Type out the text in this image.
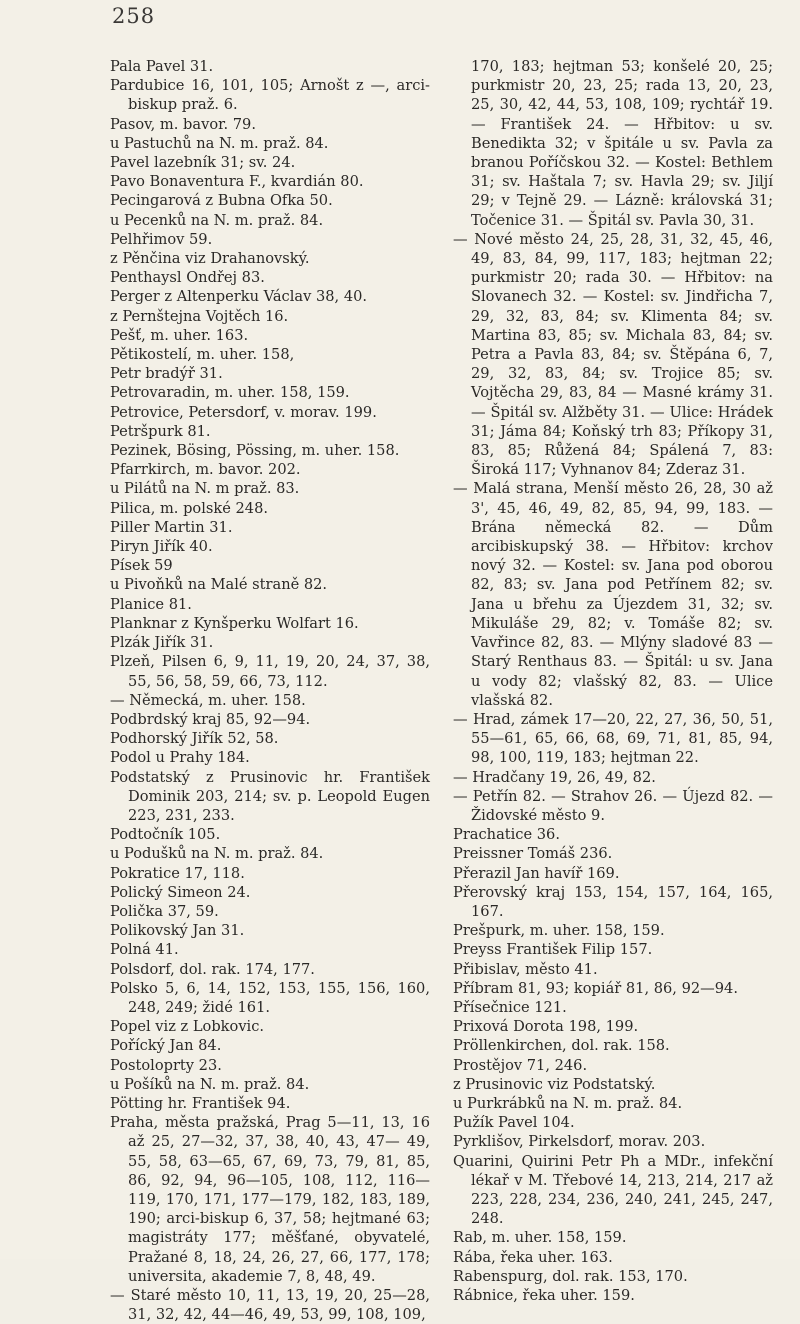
258

Pala Pavel 31.

Pardubice 16, 101, 105; Arnošt z —, arci-biskup praž. 6.

Pasov, m. bavor. 79.

u Pastuchů na N. m. praž. 84.

Pavel lazebník 31; sv. 24.

Pavo Bonaventura F., kvardián 80.

Pecingarová z Bubna Ofka 50.

u Pecenků na N. m. praž. 84.

Pelhřimov 59.

z Pěnčina viz Drahanovský.

Penthaysl Ondřej 83.

Perger z Altenperku Václav 38, 40.

z Pernštejna Vojtěch 16.

Pešť, m. uher. 163.

Pětikostelí, m. uher. 158,

Petr bradýř 31.

Petrovaradin, m. uher. 158, 159.

Petrovice, Petersdorf, v. morav. 199.

Petršpurk 81.

Pezinek, Bösing, Pössing, m. uher. 158.

Pfarrkirch, m. bavor. 202.

u Pilátů na N. m praž. 83.

Pilica, m. polské 248.

Piller Martin 31.

Piryn Jiřík 40.

Písek 59

u Pivoňků na Malé straně 82.

Planice 81.

Planknar z Kynšperku Wolfart 16.

Plzák Jiřík 31.

Plzeň, Pilsen 6, 9, 11, 19, 20, 24, 37, 38, 55, 56, 58, 59, 66, 73, 112.

— Německá, m. uher. 158.

Podbrdský kraj 85, 92—94.

Podhorský Jiřík 52, 58.

Podol u Prahy 184.

Podstatský z Prusinovic hr. František Dominik 203, 214; sv. p. Leopold Eugen 223, 231, 233.

Podtočník 105.

u Podušků na N. m. praž. 84.

Pokratice 17, 118.

Polický Simeon 24.

Polička 37, 59.

Polikovský Jan 31.

Polná 41.

Polsdorf, dol. rak. 174, 177.

Polsko 5, 6, 14, 152, 153, 155, 156, 160, 248, 249; židé 161.

Popel viz z Lobkovic.

Pořícký Jan 84.

Postoloprty 23.

u Pošíků na N. m. praž. 84.

Pötting hr. František 94.

Praha, města pražská, Prag 5—11, 13, 16 až 25, 27—32, 37, 38, 40, 43, 47— 49, 55, 58, 63—65, 67, 69, 73, 79, 81, 85, 86, 92, 94, 96—105, 108, 112, 116—119, 170, 171, 177—179, 182, 183, 189, 190; arci-biskup 6, 37, 58; hejtmané 63; magistráty 177; měšťané, obyvatelé, Pražané 8, 18, 24, 26, 27, 66, 177, 178; universita, akademie 7, 8, 48, 49.

— Staré město 10, 11, 13, 19, 20, 25—28, 31, 32, 42, 44—46, 49, 53, 99, 108, 109,

170, 183; hejtman 53; konšelé 20, 25; purkmistr 20, 23, 25; rada 13, 20, 23, 25, 30, 42, 44, 53, 108, 109; rychtář 19. — František 24. — Hřbitov: u sv. Benedikta 32; v špitále u sv. Pavla za branou Poříčskou 32. — Kostel: Bethlem 31; sv. Haštala 7; sv. Havla 29; sv. Jiljí 29; v Tejně 29. — Lázně: královská 31; Točenice 31. — Špitál sv. Pavla 30, 31.

— Nové město 24, 25, 28, 31, 32, 45, 46, 49, 83, 84, 99, 117, 183; hejtman 22; purkmistr 20; rada 30. — Hřbitov: na Slovanech 32. — Kostel: sv. Jindřicha 7, 29, 32, 83, 84; sv. Klimenta 84; sv. Martina 83, 85; sv. Michala 83, 84; sv. Petra a Pavla 83, 84; sv. Štěpána 6, 7, 29, 32, 83, 84; sv. Trojice 85; sv. Vojtěcha 29, 83, 84 — Masné krámy 31. — Špitál sv. Alžběty 31. — Ulice: Hrádek 31; Jáma 84; Koňský trh 83; Příkopy 31, 83, 85; Růžená 84; Spálená 7, 83: Široká 117; Vyhnanov 84; Zderaz 31.

— Malá strana, Menší město 26, 28, 30 až 3', 45, 46, 49, 82, 85, 94, 99, 183. — Brána německá 82. — Dům arcibiskupský 38. — Hřbitov: krchov nový 32. — Kostel: sv. Jana pod oborou 82, 83; sv. Jana pod Petřínem 82; sv. Jana u břehu za Újezdem 31, 32; sv. Mikuláše 29, 82; v. Tomáše 82; sv. Vavřince 82, 83. — Mlýny sladové 83 — Starý Renthaus 83. — Špitál: u sv. Jana u vody 82; vlašský 82, 83. — Ulice vlašská 82.

— Hrad, zámek 17—20, 22, 27, 36, 50, 51, 55—61, 65, 66, 68, 69, 71, 81, 85, 94, 98, 100, 119, 183; hejtman 22.

— Hradčany 19, 26, 49, 82.

— Petřín 82. — Strahov 26. — Újezd 82. — Židovské město 9.

Prachatice 36.

Preissner Tomáš 236.

Přerazil Jan havíř 169.

Přerovský kraj 153, 154, 157, 164, 165, 167.

Prešpurk, m. uher. 158, 159.

Preyss František Filip 157.

Přibislav, město 41.

Příbram 81, 93; kopiář 81, 86, 92—94.

Přísečnice 121.

Prixová Dorota 198, 199.

Pröllenkirchen, dol. rak. 158.

Prostějov 71, 246.

z Prusinovic viz Podstatský.

u Purkrábků na N. m. praž. 84.

Pužík Pavel 104.

Pyrklišov, Pirkelsdorf, morav. 203.

Quarini, Quirini Petr Ph a MDr., infekční lékař v M. Třebové 14, 213, 214, 217 až 223, 228, 234, 236, 240, 241, 245, 247, 248.

Rab, m. uher. 158, 159.

Rába, řeka uher. 163.

Rabenspurg, dol. rak. 153, 170.

Rábnice, řeka uher. 159.
